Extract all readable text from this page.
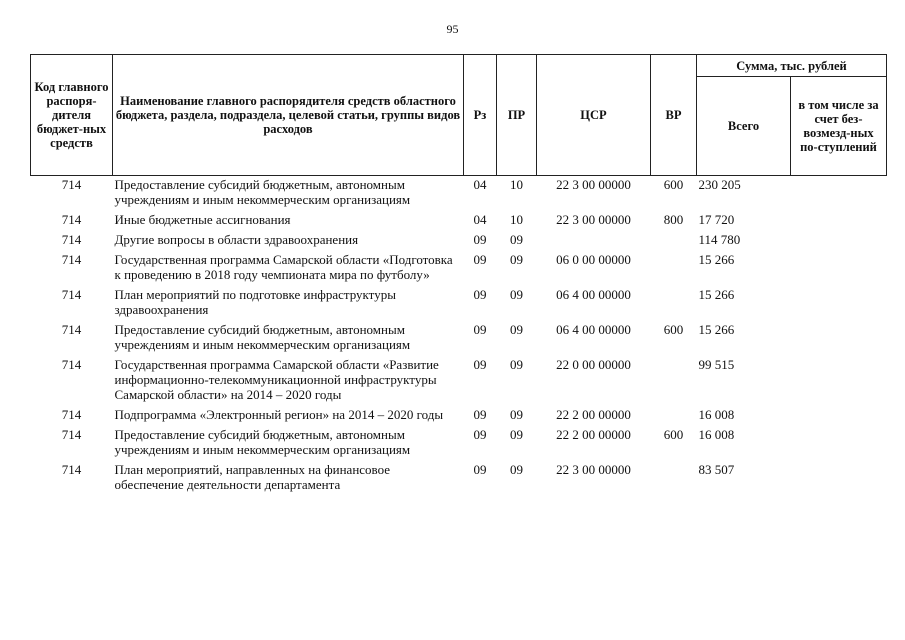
95
Код главного распоря-дителя бюджет-ных средств	Наименование главного распорядителя средств областного бюджета, раздела, подраздела, целевой статьи, группы видов расходов	Рз	ПР	ЦСР	ВР	Сумма, тыс. рублей	
						Всего	в том числе за счет без-возмезд-ных по-ступлений
714	Предоставление субсидий бюджетным, автономным учреждениям и иным некоммерческим организациям	04	10	22 3 00 00000	600	230 205	
714	Иные бюджетные ассигнования	04	10	22 3 00 00000	800	17 720	
714	Другие вопросы в области здравоохранения	09	09			114 780	
714	Государственная программа Самарской области «Подготовка к проведению в 2018 году чемпионата мира по футболу»	09	09	06 0 00 00000		15 266	
714	План мероприятий по подготовке инфраструктуры здравоохранения	09	09	06 4 00 00000		15 266	
714	Предоставление субсидий бюджетным, автономным учреждениям и иным некоммерческим организациям	09	09	06 4 00 00000	600	15 266	
714	Государственная программа Самарской области «Развитие информационно-телекоммуникационной инфраструктуры Самарской области» на 2014 – 2020 годы	09	09	22 0 00 00000		99 515	
714	Подпрограмма «Электронный регион» на 2014 – 2020 годы	09	09	22 2 00 00000		16 008	
714	Предоставление субсидий бюджетным, автономным учреждениям и иным некоммерческим организациям	09	09	22 2 00 00000	600	16 008	
714	План мероприятий, направленных на финансовое обеспечение деятельности департамента	09	09	22 3 00 00000		83 507	
